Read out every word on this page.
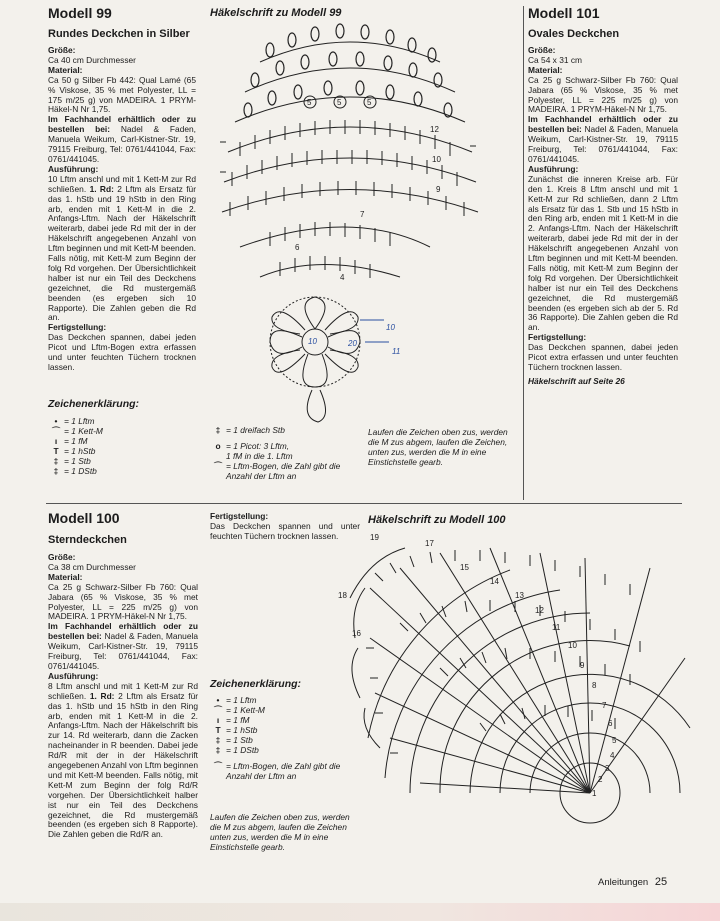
Modell 99
Rundes Deckchen in Silber

Größe:

Ca 40 cm Durchmesser

Material:

Ca 50 g Silber Fb 442: Qual Lamé (65 % Viskose, 35 % met Polyester, LL = 175 m/25 g) von MADEIRA. 1 PRYM-Häkel-N Nr 1,75.

Im Fachhandel erhältlich oder zu bestellen bei: Nadel & Faden, Manuela Weikum, Carl-Kistner-Str. 19, 79115 Freiburg, Tel: 0761/441044, Fax: 0761/441045.

Ausführung:

10 Lftm anschl und mit 1 Kett-M zur Rd schließen. 1. Rd: 2 Lftm als Ersatz für das 1. hStb und 19 hStb in den Ring arb, enden mit 1 Kett-M in die 2. Anfangs-Lftm. Nach der Häkelschrift weiterarb, dabei jede Rd mit der in der Häkelschrift angegebenen Anzahl von Lftm beginnen und mit Kett-M beenden. Falls nötig, mit Kett-M zum Beginn der folg Rd vorgehen. Der Übersichtlichkeit halber ist nur ein Teil des Deckchens gezeichnet, die Rd mustergemäß beenden (es ergeben sich 10 Rapporte). Die Zahlen geben die Rd an.

Fertigstellung:

Das Deckchen spannen, dabei jeden Picot und Lftm-Bogen extra erfassen und unter feuchten Tüchern trocknen lassen.

Zeichenerklärung:
• = 1 Lftm
⌒ = 1 Kett-M
ı = 1 fM
T = 1 hStb
‡ = 1 Stb
‡ = 1 DStb
‡ = 1 dreifach Stb
o = 1 Picot: 3 Lftm,
1 fM in die 1. Lftm
⌒ = Lftm-Bogen, die Zahl gibt die
Anzahl der Lftm an
Laufen die Zeichen oben zus, werden die M zus abgem, laufen die Zeichen, unten zus, werden die M in eine Einstichstelle gearb.
Häkelschrift zu Modell 99
5	5	5
12
10
9
7
6
4
10	20
10
11
Modell 101
Ovales Deckchen

Größe:

Ca 54 x 31 cm

Material:

Ca 25 g Schwarz-Silber Fb 760: Qual Jabara (65 % Viskose, 35 % met Polyester, LL = 225 m/25 g) von MADEIRA. 1 PRYM-Häkel-N Nr 1,75.

Im Fachhandel erhältlich oder zu bestellen bei: Nadel & Faden, Manuela Weikum, Carl-Kistner-Str. 19, 79115 Freiburg, Tel: 0761/441044, Fax: 0761/441045.

Ausführung:

Zunächst die inneren Kreise arb. Für den 1. Kreis 8 Lftm anschl und mit 1 Kett-M zur Rd schließen, dann 2 Lftm als Ersatz für das 1. Stb und 15 hStb in den Ring arb, enden mit 1 Kett-M in die 2. Anfangs-Lftm. Nach der Häkelschrift weiterarb, dabei jede Rd mit der in der Häkelschrift angegebenen Anzahl von Lftm beginnen und mit Kett-M beenden. Falls nötig, mit Kett-M zum Beginn der folg Rd vorgehen. Der Übersichtlichkeit halber ist nur ein Teil des Deckchens gezeichnet, die Rd mustergemäß beenden (es ergeben sich ab der 5. Rd 36 Rapporte). Die Zahlen geben die Rd an.

Fertigstellung:

Das Deckchen spannen, dabei jeden Picot extra erfassen und unter feuchten Tüchern trocknen lassen.

Häkelschrift auf Seite 26

Modell 100
Sterndeckchen

Größe:

Ca 38 cm Durchmesser

Material:

Ca 25 g Schwarz-Silber Fb 760: Qual Jabara (65 % Viskose, 35 % met Polyester, LL = 225 m/25 g) von MADEIRA. 1 PRYM-Häkel-N Nr 1,75.

Im Fachhandel erhältlich oder zu bestellen bei: Nadel & Faden, Manuela Weikum, Carl-Kistner-Str. 19, 79115 Freiburg, Tel: 0761/441044, Fax: 0761/441045.

Ausführung:

8 Lftm anschl und mit 1 Kett-M zur Rd schließen. 1. Rd: 2 Lftm als Ersatz für das 1. hStb und 15 hStb in den Ring arb, enden mit 1 Kett-M in die 2. Anfangs-Lftm. Nach der Häkelschrift bis zur 14. Rd weiterarb, dann die Zacken nacheinander in R beenden. Dabei jede Rd/R mit der in der Häkelschrift angegebenen Anzahl von Lftm beginnen und mit Kett-M beenden. Falls nötig, mit Kett-M zum Beginn der folg Rd/R vorgehen. Der Übersichtlichkeit halber ist nur ein Teil des Deckchens gezeichnet, die Rd mustergemäß beenden (es ergeben sich 8 Rapporte). Die Zahlen geben die Rd/R an.

Fertigstellung:

Das Deckchen spannen und unter feuchten Tüchern trocknen lassen.

Zeichenerklärung:
• = 1 Lftm
⌒ = 1 Kett-M
ı = 1 fM
T = 1 hStb
‡ = 1 Stb
‡ = 1 DStb
⌒ = Lftm-Bogen, die Zahl gibt die
Anzahl der Lftm an
Laufen die Zeichen oben zus, werden die M zus abgem, laufen die Zeichen unten zus, werden die M in eine Einstichstelle gearb.
Häkelschrift zu Modell 100
19
18
17
16
15
14
13
12
11
10
9
8
7
6
5
4
3
2
1
Anleitungen 25
